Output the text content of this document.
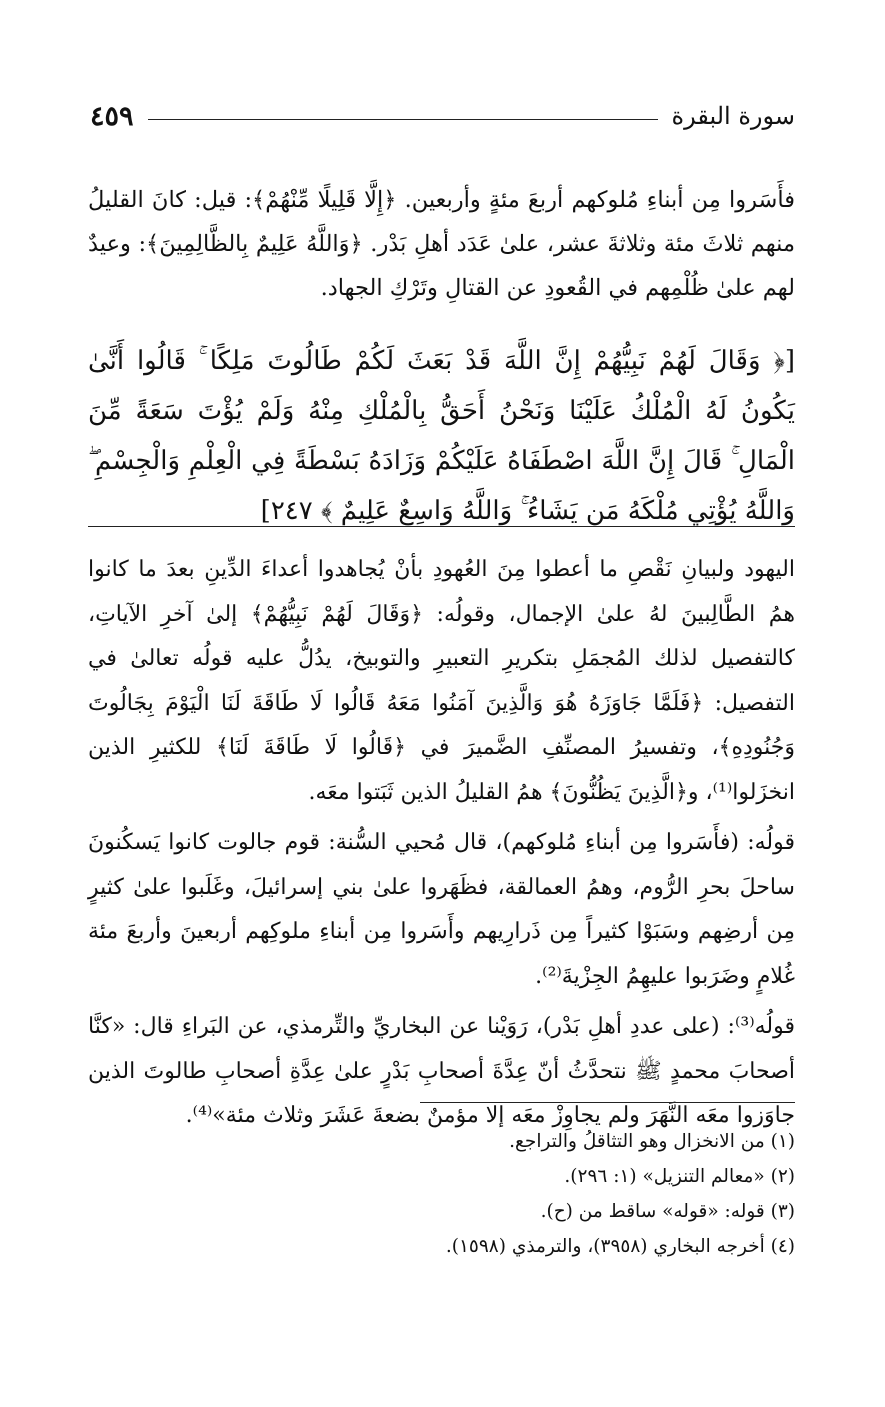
سورة البقرة
٤٥٩

فأَسَروا مِن أبناءِ مُلوكهم أربعَ مئةٍ وأربعين. ﴿إِلَّا قَلِيلًا مِّنْهُمْ﴾: قيل: كانَ القليلُ منهم ثلاثَ مئة وثلاثةَ عشر، علىٰ عَدَد أهلِ بَدْر. ﴿وَاللَّهُ عَلِيمٌ بِالظَّالِمِينَ﴾: وعيدٌ لهم علىٰ ظُلْمِهم في القُعودِ عن القتالِ وتَرْكِ الجهاد.

[﴿ وَقَالَ لَهُمْ نَبِيُّهُمْ إِنَّ اللَّهَ قَدْ بَعَثَ لَكُمْ طَالُوتَ مَلِكًا ۚ قَالُوا أَنَّىٰ يَكُونُ لَهُ الْمُلْكُ عَلَيْنَا وَنَحْنُ أَحَقُّ بِالْمُلْكِ مِنْهُ وَلَمْ يُؤْتَ سَعَةً مِّنَ الْمَالِ ۚ قَالَ إِنَّ اللَّهَ اصْطَفَاهُ عَلَيْكُمْ وَزَادَهُ بَسْطَةً فِي الْعِلْمِ وَالْجِسْمِ ۖ وَاللَّهُ يُؤْتِي مُلْكَهُ مَن يَشَاءُ ۚ وَاللَّهُ وَاسِعٌ عَلِيمٌ ﴾ ٢٤٧]

اليهود ولبيانِ نَقْصِ ما أعطوا مِنَ العُهودِ بأنْ يُجاهدوا أعداءَ الدِّينِ بعدَ ما كانوا همُ الطَّالِبينَ لهُ علىٰ الإجمال، وقولُه: ﴿وَقَالَ لَهُمْ نَبِيُّهُمْ﴾ إلىٰ آخرِ الآياتِ، كالتفصيل لذلك المُجمَلِ بتكريرِ التعبيرِ والتوبيخ، يدُلُّ عليه قولُه تعالىٰ في التفصيل: ﴿فَلَمَّا جَاوَزَهُ هُوَ وَالَّذِينَ آمَنُوا مَعَهُ قَالُوا لَا طَاقَةَ لَنَا الْيَوْمَ بِجَالُوتَ وَجُنُودِهِ﴾، وتفسيرُ المصنِّفِ الضَّميرَ في ﴿قَالُوا لَا طَاقَةَ لَنَا﴾ للكثيرِ الذين انخزَلوا⁽¹⁾، و﴿الَّذِينَ يَظُنُّونَ﴾ همُ القليلُ الذين ثَبَتوا معَه.

قولُه: (فأَسَروا مِن أبناءِ مُلوكهم)، قال مُحيي السُّنة: قوم جالوت كانوا يَسكُنونَ ساحلَ بحرِ الرُّوم، وهمُ العمالقة، فظَهَروا علىٰ بني إسرائيلَ، وغَلَبوا علىٰ كثيرٍ مِن أرضِهم وسَبَوْا كثيراً مِن ذَرارِيهم وأَسَروا مِن أبناءِ ملوكِهم أربعينَ وأربعَ مئة غُلامٍ وضَرَبوا عليهِمُ الجِزْيةَ⁽²⁾.

قولُه⁽³⁾: (على عددِ أهلِ بَدْر)، رَوَيْنا عن البخاريِّ والتِّرمذي، عن البَراءِ قال: «كنَّا أصحابَ محمدٍ ﷺ نتحدَّثُ أنّ عِدَّةَ أصحابِ بَدْرٍ علىٰ عِدَّةِ أصحابِ طالوتَ الذين جاوَزوا معَه النَّهَرَ ولم يجاوِزْ معَه إلا مؤمنٌ بضعةَ عَشَرَ وثلاث مئة»⁽⁴⁾.

(١) من الانخزال وهو التثاقلُ والتراجع.

(٢) «معالم التنزيل» (١: ٢٩٦).

(٣) قوله: «قوله» ساقط من (ح).

(٤) أخرجه البخاري (٣٩٥٨)، والترمذي (١٥٩٨).
